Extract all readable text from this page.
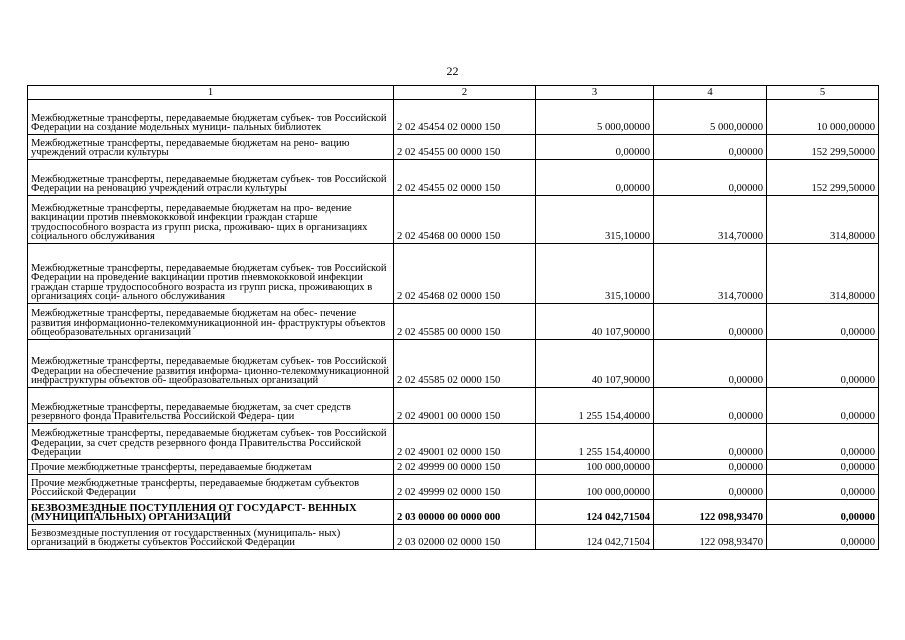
22
1	2	3	4	5
Межбюджетные трансферты, передаваемые бюджетам субъек- тов Российской Федерации на создание модельных муници- пальных библиотек	2 02 45454 02 0000 150	5 000,00000	5 000,00000	10 000,00000
Межбюджетные трансферты, передаваемые бюджетам на рено- вацию учреждений отрасли культуры	2 02 45455 00 0000 150	0,00000	0,00000	152 299,50000
Межбюджетные трансферты, передаваемые бюджетам субъек- тов Российской Федерации на реновацию учреждений отрасли культуры	2 02 45455 02 0000 150	0,00000	0,00000	152 299,50000
Межбюджетные трансферты, передаваемые бюджетам на про- ведение вакцинации против пневмококковой инфекции граждан старше трудоспособного возраста из групп риска, проживаю- щих в организациях социального обслуживания	2 02 45468 00 0000 150	315,10000	314,70000	314,80000
Межбюджетные трансферты, передаваемые бюджетам субъек- тов Российской Федерации на проведение вакцинации против пневмококковой инфекции граждан старше трудоспособного возраста из групп риска, проживающих в организациях соци- ального обслуживания	2 02 45468 02 0000 150	315,10000	314,70000	314,80000
Межбюджетные трансферты, передаваемые бюджетам на обес- печение развития информационно-телекоммуникационной ин- фраструктуры объектов общеобразовательных организаций	2 02 45585 00 0000 150	40 107,90000	0,00000	0,00000
Межбюджетные трансферты, передаваемые бюджетам субъек- тов Российской Федерации на обеспечение развития информа- ционно-телекоммуникационной инфраструктуры объектов об- щеобразовательных организаций	2 02 45585 02 0000 150	40 107,90000	0,00000	0,00000
Межбюджетные трансферты, передаваемые бюджетам, за счет средств резервного фонда Правительства Российской Федера- ции	2 02 49001 00 0000 150	1 255 154,40000	0,00000	0,00000
Межбюджетные трансферты, передаваемые бюджетам субъек- тов Российской Федерации, за счет средств резервного фонда Правительства Российской Федерации	2 02 49001 02 0000 150	1 255 154,40000	0,00000	0,00000
Прочие межбюджетные трансферты, передаваемые бюджетам	2 02 49999 00 0000 150	100 000,00000	0,00000	0,00000
Прочие межбюджетные трансферты, передаваемые бюджетам субъектов Российской Федерации	2 02 49999 02 0000 150	100 000,00000	0,00000	0,00000
БЕЗВОЗМЕЗДНЫЕ ПОСТУПЛЕНИЯ ОТ ГОСУДАРСТ- ВЕННЫХ (МУНИЦИПАЛЬНЫХ) ОРГАНИЗАЦИЙ	2 03 00000 00 0000 000	124 042,71504	122 098,93470	0,00000
Безвозмездные поступления от государственных (муниципаль- ных) организаций в бюджеты субъектов Российской Федерации	2 03 02000 02 0000 150	124 042,71504	122 098,93470	0,00000
